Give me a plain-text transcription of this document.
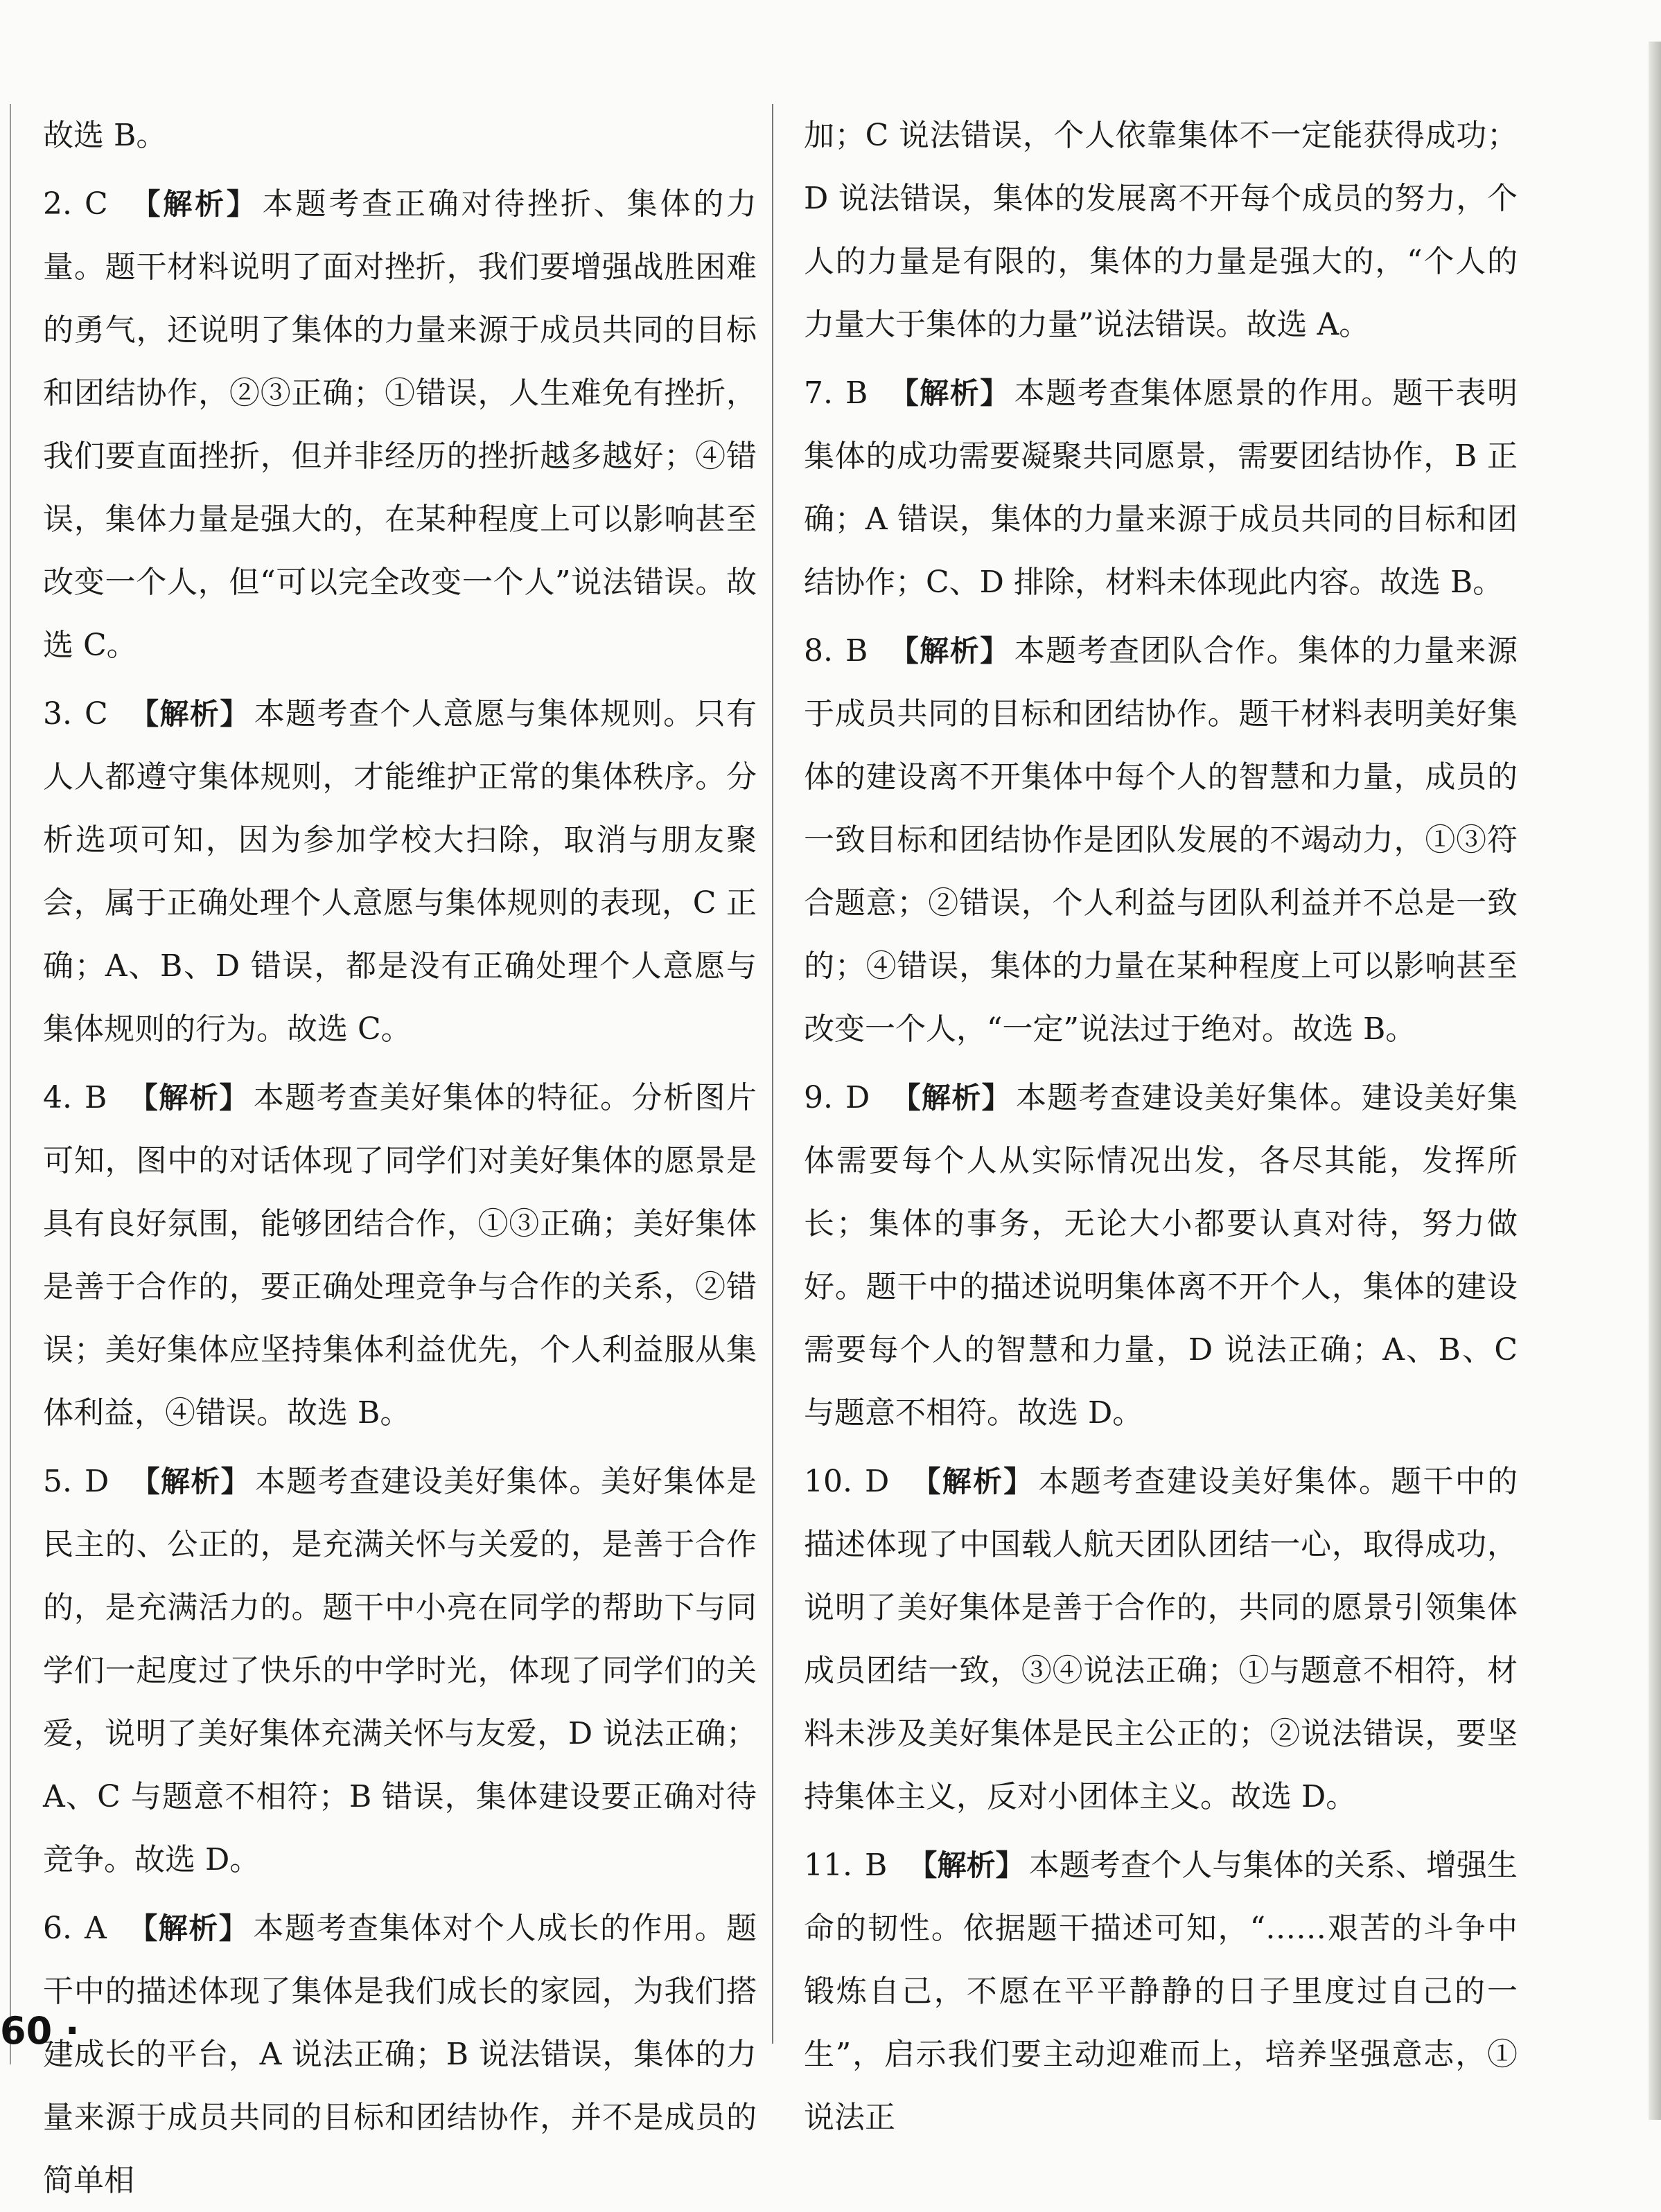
故选 B。

2. C 【解析】 本题考查正确对待挫折、集体的力量。题干材料说明了面对挫折，我们要增强战胜困难的勇气，还说明了集体的力量来源于成员共同的目标和团结协作，②③正确；①错误，人生难免有挫折，我们要直面挫折，但并非经历的挫折越多越好；④错误，集体力量是强大的，在某种程度上可以影响甚至改变一个人，但“可以完全改变一个人”说法错误。故选 C。

3. C 【解析】 本题考查个人意愿与集体规则。只有人人都遵守集体规则，才能维护正常的集体秩序。分析选项可知，因为参加学校大扫除，取消与朋友聚会，属于正确处理个人意愿与集体规则的表现，C 正确；A、B、D 错误，都是没有正确处理个人意愿与集体规则的行为。故选 C。

4. B 【解析】 本题考查美好集体的特征。分析图片可知，图中的对话体现了同学们对美好集体的愿景是具有良好氛围，能够团结合作，①③正确；美好集体是善于合作的，要正确处理竞争与合作的关系，②错误；美好集体应坚持集体利益优先，个人利益服从集体利益，④错误。故选 B。

5. D 【解析】 本题考查建设美好集体。美好集体是民主的、公正的，是充满关怀与关爱的，是善于合作的，是充满活力的。题干中小亮在同学的帮助下与同学们一起度过了快乐的中学时光，体现了同学们的关爱，说明了美好集体充满关怀与友爱，D 说法正确；A、C 与题意不相符；B 错误，集体建设要正确对待竞争。故选 D。

6. A 【解析】 本题考查集体对个人成长的作用。题干中的描述体现了集体是我们成长的家园，为我们搭建成长的平台，A 说法正确；B 说法错误，集体的力量来源于成员共同的目标和团结协作，并不是成员的简单相

加；C 说法错误，个人依靠集体不一定能获得成功；D 说法错误，集体的发展离不开每个成员的努力，个人的力量是有限的，集体的力量是强大的，“个人的力量大于集体的力量”说法错误。故选 A。

7. B 【解析】 本题考查集体愿景的作用。题干表明集体的成功需要凝聚共同愿景，需要团结协作，B 正确；A 错误，集体的力量来源于成员共同的目标和团结协作；C、D 排除，材料未体现此内容。故选 B。

8. B 【解析】 本题考查团队合作。集体的力量来源于成员共同的目标和团结协作。题干材料表明美好集体的建设离不开集体中每个人的智慧和力量，成员的一致目标和团结协作是团队发展的不竭动力，①③符合题意；②错误，个人利益与团队利益并不总是一致的；④错误，集体的力量在某种程度上可以影响甚至改变一个人，“一定”说法过于绝对。故选 B。

9. D 【解析】 本题考查建设美好集体。建设美好集体需要每个人从实际情况出发，各尽其能，发挥所长；集体的事务，无论大小都要认真对待，努力做好。题干中的描述说明集体离不开个人，集体的建设需要每个人的智慧和力量，D 说法正确；A、B、C 与题意不相符。故选 D。

10. D 【解析】 本题考查建设美好集体。题干中的描述体现了中国载人航天团队团结一心，取得成功，说明了美好集体是善于合作的，共同的愿景引领集体成员团结一致，③④说法正确；①与题意不相符，材料未涉及美好集体是民主公正的；②说法错误，要坚持集体主义，反对小团体主义。故选 D。

11. B 【解析】 本题考查个人与集体的关系、增强生命的韧性。依据题干描述可知，“……艰苦的斗争中锻炼自己，不愿在平平静静的日子里度过自己的一生”，启示我们要主动迎难而上，培养坚强意志，①说法正

60 ·
